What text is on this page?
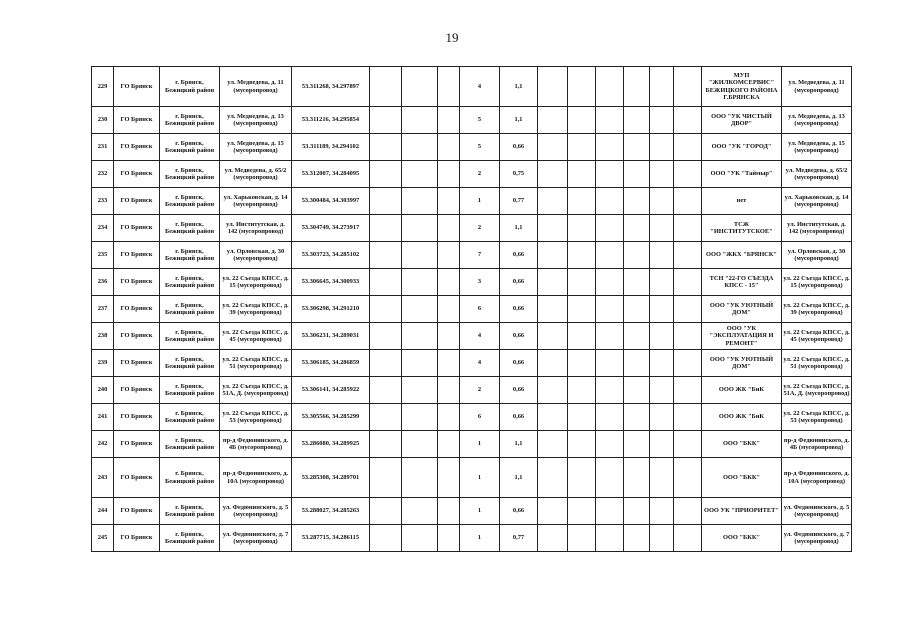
19
229	ГО Брянск	г. Брянск, Бежицкий район	ул. Медведева, д. 11 (мусоропровод)	53.311268, 34.297897				4	1,1							МУП "ЖИЛКОМСЕРВИС" БЕЖИЦКОГО РАЙОНА Г.БРЯНСКА	ул. Медведева, д. 11 (мусоропровод)
230	ГО Брянск	г. Брянск, Бежицкий район	ул. Медведева, д. 13 (мусоропровод)	53.311216, 34.295854				5	1,1							ООО "УК ЧИСТЫЙ ДВОР"	ул. Медведева, д. 13 (мусоропровод)
231	ГО Брянск	г. Брянск, Бежицкий район	ул. Медведева, д. 15 (мусоропровод)	53.311189, 34.294102				5	0,66							ООО "УК "ГОРОД"	ул. Медведева, д. 15 (мусоропровод)
232	ГО Брянск	г. Брянск, Бежицкий район	ул. Медведева, д. 65/2 (мусоропровод)	53.312007, 34.284095				2	0,75							ООО "УК "Таймыр"	ул. Медведева, д. 65/2 (мусоропровод)
233	ГО Брянск	г. Брянск, Бежицкий район	ул. Харьковская, д. 14 (мусоропровод)	53.300484, 34.303997				1	0,77							нет	ул. Харьковская, д. 14 (мусоропровод)
234	ГО Брянск	г. Брянск, Бежицкий район	ул. Институтская, д. 142 (мусоропровод)	53.304749, 34.273917				2	1,1							ТСЖ "ИНСТИТУТСКОЕ"	ул. Институтская, д. 142 (мусоропровод)
235	ГО Брянск	г. Брянск, Бежицкий район	ул. Орловская, д. 30 (мусоропровод)	53.303723, 34.285102				7	0,66							ООО "ЖКХ "БРЯНСК"	ул. Орловская, д. 30 (мусоропровод)
236	ГО Брянск	г. Брянск, Бежицкий район	ул. 22 Съезда КПСС, д. 15 (мусоропровод)	53.306645, 34.300933				3	0,66							ТСН "22-ГО СЪЕЗДА КПСС - 15"	ул. 22 Съезда КПСС, д. 15 (мусоропровод)
237	ГО Брянск	г. Брянск, Бежицкий район	ул. 22 Съезда КПСС, д. 39 (мусоропровод)	53.306298, 34.291210				6	0,66							ООО "УК УЮТНЫЙ ДОМ"	ул. 22 Съезда КПСС, д. 39 (мусоропровод)
238	ГО Брянск	г. Брянск, Бежицкий район	ул. 22 Съезда КПСС, д. 45 (мусоропровод)	53.306231, 34.289031				4	0,66							ООО "УК "ЭКСПЛУАТАЦИЯ И РЕМОНТ"	ул. 22 Съезда КПСС, д. 45 (мусоропровод)
239	ГО Брянск	г. Брянск, Бежицкий район	ул. 22 Съезда КПСС, д. 51 (мусоропровод)	53.306185, 34.286859				4	0,66							ООО "УК УЮТНЫЙ ДОМ"	ул. 22 Съезда КПСС, д. 51 (мусоропровод)
240	ГО Брянск	г. Брянск, Бежицкий район	ул. 22 Съезда КПСС, д. 51А, Д. (мусоропровод)	53.306141, 34.285922				2	0,66							ООО ЖК "БиК	ул. 22 Съезда КПСС, д. 51А, Д. (мусоропровод)
241	ГО Брянск	г. Брянск, Бежицкий район	ул. 22 Съезда КПСС, д. 53 (мусоропровод)	53.305566, 34.285299				6	0,66							ООО ЖК "БиК	ул. 22 Съезда КПСС, д. 53 (мусоропровод)
242	ГО Брянск	г. Брянск, Бежицкий район	пр-д Федюнинского, д. 4Б (мусоропровод)	53.286080, 34.289925				1	1,1							ООО "БКК"	пр-д Федюнинского, д. 4Б (мусоропровод)
243	ГО Брянск	г. Брянск, Бежицкий район	пр-д Федюнинского, д. 10А (мусоропровод)	53.285308, 34.289701				1	1,1							ООО "БКК"	пр-д Федюнинского, д. 10А (мусоропровод)
244	ГО Брянск	г. Брянск, Бежицкий район	ул. Федюнинского, д. 5 (мусоропровод)	53.288027, 34.285263				1	0,66							ООО УК "ПРИОРИТЕТ"	ул. Федюнинского, д. 5 (мусоропровод)
245	ГО Брянск	г. Брянск, Бежицкий район	ул. Федюнинского, д. 7 (мусоропровод)	53.287715, 34.286115				1	0,77							ООО "БКК"	ул. Федюнинского, д. 7 (мусоропровод)
